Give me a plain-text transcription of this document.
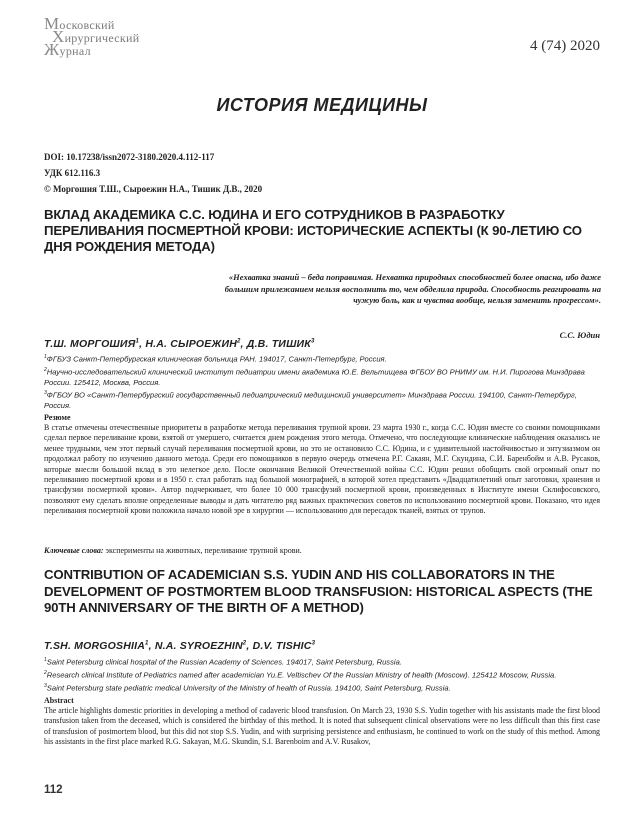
Московский
Хирургический
Журнал	4 (74) 2020
ИСТОРИЯ МЕДИЦИНЫ
DOI: 10.17238/issn2072-3180.2020.4.112-117
УДК 612.116.3
© Моргошия Т.Ш., Сыроежин Н.А., Тишик Д.В., 2020
ВКЛАД АКАДЕМИКА С.С. ЮДИНА И ЕГО СОТРУДНИКОВ В РАЗРАБОТКУ ПЕРЕЛИВАНИЯ ПОСМЕРТНОЙ КРОВИ: ИСТОРИЧЕСКИЕ АСПЕКТЫ (К 90-ЛЕТИЮ СО ДНЯ РОЖДЕНИЯ МЕТОДА)
«Нехватка знаний – беда поправимая. Нехватка природных способностей более опасна, ибо даже большим прилежанием нельзя восполнить то, чем обделила природа. Способность реагировать на чужую боль, как и чувства вообще, нельзя заменить прогрессом».
С.С. Юдин
Т.Ш. МОРГОШИЯ$^1$, Н.А. СЫРОЕЖИН$^2$, Д.В. ТИШИК$^3$
$^1$ФГБУЗ Санкт-Петербургская клиническая больница РАН. 194017, Санкт-Петербург, Россия.
$^2$Научно-исследовательский клинический институт педиатрии имени академика Ю.Е. Вельтищева ФГБОУ ВО РНИМУ им. Н.И. Пирогова Минздрава России. 125412, Москва, Россия.
$^3$ФГБОУ ВО «Санкт-Петербургский государственный педиатрический медицинский университет» Минздрава России. 194100, Санкт-Петербург, Россия.
Резюме
В статье отмечены отечественные приоритеты в разработке метода переливания трупной крови. 23 марта 1930 г., когда С.С. Юдин вместе со своими помощниками сделал первое переливание крови, взятой от умершего, считается днем рождения этого метода. Отмечено, что последующие клинические наблюдения оказались не менее трудными, чем этот первый случай переливания посмертной крови, но это не остановило С.С. Юдина, и с удивительной настойчивостью и энтузиазмом он продолжал работу по изучению данного метода. Среди его помощников в первую очередь отмечена Р.Г. Сакаян, М.Г. Скундина, С.И. Баренбойм и А.В. Русаков, которые внесли большой вклад в это нелегкое дело. После окончания Великой Отечественной войны С.С. Юдин решил обобщить свой огромный опыт по переливанию посмертной крови и в 1950 г. стал работать над большой монографией, в которой хотел представить «Двадцатилетний опыт заготовки, хранения и трансфузии посмертной крови». Автор подчеркивает, что более 10 000 трансфузий посмертной крови, произведенных в Институте имени Склифосовского, позволяют ему сделать вполне определенные выводы и дать читателю ряд важных практических советов по использованию посмертной крови. Показано, что идея переливания посмертной крови положила начало новой эре в хирургии — использованию для пересадок тканей, взятых от трупов.
Ключевые слова: эксперименты на животных, переливание трупной крови.
CONTRIBUTION OF ACADEMICIAN S.S. YUDIN AND HIS COLLABORATORS IN THE DEVELOPMENT OF POSTMORTEM BLOOD TRANSFUSION: HISTORICAL ASPECTS (THE 90TH ANNIVERSARY OF THE BIRTH OF A METHOD)
T.SH. MORGOSHIIA$^1$, N.A. SYROEZHIN$^2$, D.V. TISHIC$^3$
$^1$Saint Petersburg clinical hospital of the Russian Academy of Sciences. 194017, Saint Petersburg, Russia.
$^2$Research clinical Institute of Pediatrics named after academician Yu.E. Veltischev Of the Russian Ministry of health (Moscow). 125412 Moscow, Russia.
$^3$Saint Petersburg state pediatric medical University of the Ministry of health of Russia. 194100, Saint Petersburg, Russia.
Abstract
The article highlights domestic priorities in developing a method of cadaveric blood transfusion. On March 23, 1930 S.S. Yudin together with his assistants made the first blood transfusion taken from the deceased, which is considered the birthday of this method. It is noted that subsequent clinical observations were no less difficult than this first case of transfusion of postmortem blood, but this did not stop S.S. Yudin, and with surprising persistence and enthusiasm, he continued to work on the study of this method. Among his assistants in the first place marked R.G. Sakayan, M.G. Skundin, S.I. Barenboim and A.V. Rusakov,
112
